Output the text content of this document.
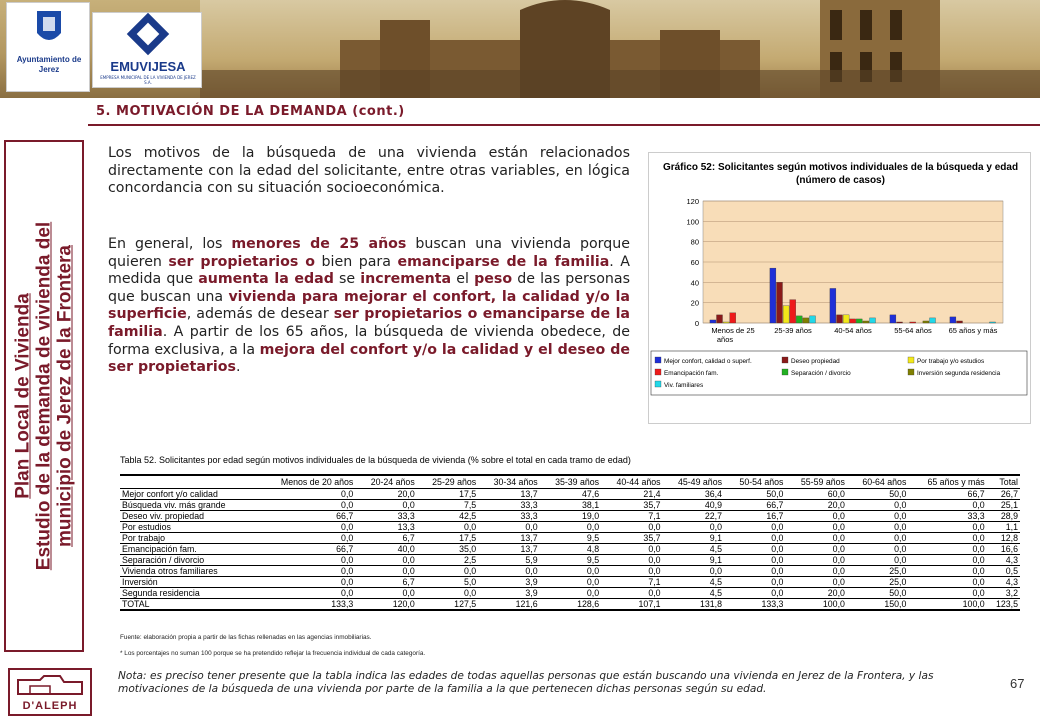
Ayuntamiento de Jerez	EMUVIJESA
EMPRESA MUNICIPAL DE LA VIVIENDA DE JEREZ S.A.
5. MOTIVACIÓN DE LA DEMANDA (cont.)
Plan Local de Vivienda Estudio de la demanda de vivienda del municipio de Jerez de la Frontera
Los motivos de la búsqueda de una vivienda están relacionados directamente con la edad del solicitante, entre otras variables, en lógica concordancia con su situación socioeconómica.
En general, los menores de 25 años buscan una vivienda porque quieren ser propietarios o bien para emanciparse de la familia. A medida que aumenta la edad se incrementa el peso de las personas que buscan una vivienda para mejorar el confort, la calidad y/o la superficie, además de desear ser propietarios o emanciparse de la familia. A partir de los 65 años, la búsqueda de vivienda obedece, de forma exclusiva, a la mejora del confort y/o la calidad y el deseo de ser propietarios.
Gráfico 52: Solicitantes según motivos individuales de la búsqueda y edad (número de casos)
0
20
40
60
80
100
120
Menos de 25 años
25-39 años	40-54 años	55-64 años 65 años y más
Mejor confort, calidad o superf.	Deseo propiedad	Por trabajo y/o estudios
Emancipación fam.	Separación / divorcio	Inversión segunda residencia
Viv. familiares
Tabla 52. Solicitantes por edad según motivos individuales de la búsqueda de vivienda (% sobre el total en cada tramo de edad)
	Menos de 20 años	20-24 años	25-29 años	30-34 años	35-39 años	40-44 años	45-49 años	50-54 años	55-59 años	60-64 años	65 años y más	Total
Mejor confort y/o calidad	0,0	20,0	17,5	13,7	47,6	21,4	36,4	50,0	60,0	50,0	66,7	26,7
Búsqueda viv. más grande	0,0	0,0	7,5	33,3	38,1	35,7	40,9	66,7	20,0	0,0	0,0	25,1
Deseo viv. propiedad	66,7	33,3	42,5	33,3	19,0	7,1	22,7	16,7	0,0	0,0	33,3	28,9
Por estudios	0,0	13,3	0,0	0,0	0,0	0,0	0,0	0,0	0,0	0,0	0,0	1,1
Por trabajo	0,0	6,7	17,5	13,7	9,5	35,7	9,1	0,0	0,0	0,0	0,0	12,8
Emancipación fam.	66,7	40,0	35,0	13,7	4,8	0,0	4,5	0,0	0,0	0,0	0,0	16,6
Separación / divorcio	0,0	0,0	2,5	5,9	9,5	0,0	9,1	0,0	0,0	0,0	0,0	4,3
Vivienda otros familiares	0,0	0,0	0,0	0,0	0,0	0,0	0,0	0,0	0,0	25,0	0,0	0,5
Inversión	0,0	6,7	5,0	3,9	0,0	7,1	4,5	0,0	0,0	25,0	0,0	4,3
Segunda residencia	0,0	0,0	0,0	3,9	0,0	0,0	4,5	0,0	20,0	50,0	0,0	3,2
TOTAL	133,3	120,0	127,5	121,6	128,6	107,1	131,8	133,3	100,0	150,0	100,0	123,5
Fuente: elaboración propia a partir de las fichas rellenadas en las agencias inmobiliarias.
* Los porcentajes no suman 100 porque se ha pretendido reflejar la frecuencia individual de cada categoría.
D'ALEPH
Nota: es preciso tener presente que la tabla indica las edades de todas aquellas personas que están buscando una vivienda en Jerez de la Frontera, y las motivaciones de la búsqueda de una vivienda por parte de la familia a la que pertenecen dichas personas según su edad.	67
